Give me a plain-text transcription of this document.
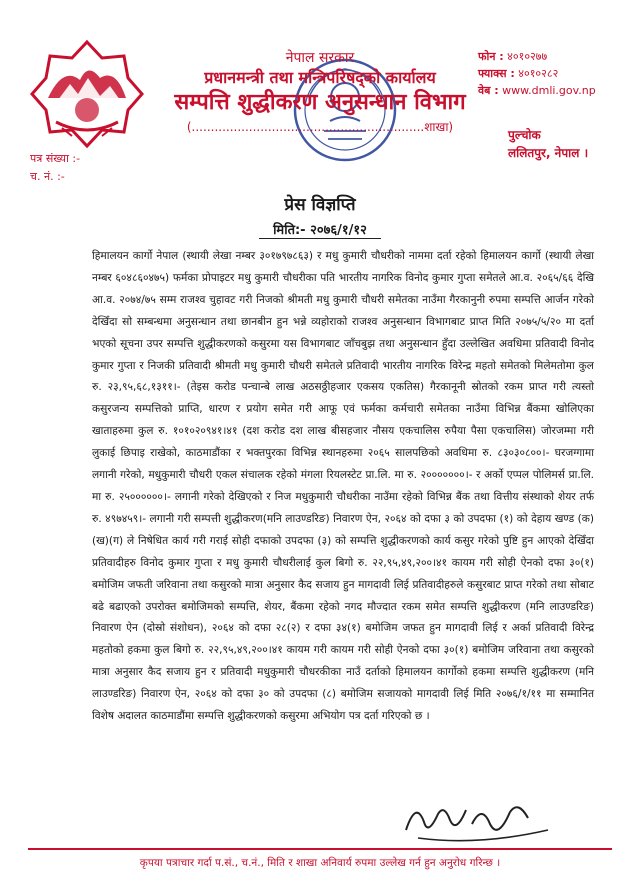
नेपाल सरकार
प्रधानमन्त्री तथा मन्त्रिपरिषद्को कार्यालय
सम्पत्ति शुद्धीकरण अनुसन्धान विभाग
(.............................................................शाखा)
फोन : ४०१०२७७
फ्याक्स : ४०१०२८२
वेब : www.dmli.gov.np
पुल्चोक
ललितपुर, नेपाल ।
पत्र संख्या :-
च. नं. :-
प्रेस विज्ञप्ति
मिति:- २०७६/१/१२
हिमालयन कार्गो नेपाल (स्थायी लेखा नम्बर ३०१७९७८६३) र मधु कुमारी चौधरीको नाममा दर्ता रहेको हिमालयन कार्गो (स्थायी लेखा नम्बर ६०४८६०४७५) फर्मका प्रोपाइटर मधु कुमारी चौधरीका पति भारतीय नागरिक विनोद कुमार गुप्ता समेतले आ.व. २०६५/६६ देखि आ.व. २०७४/७५ सम्म राजश्व चुहावट गरी निजको श्रीमती मधु कुमारी चौधरी समेतका नाउँमा गैरकानुनी रुपमा सम्पत्ति आर्जन गरेको देखिँदा सो सम्बन्धमा अनुसन्धान तथा छानबीन हुन भन्ने व्यहोराको राजश्व अनुसन्धान विभागबाट प्राप्त मिति २०७५/५/२० मा दर्ता भएको सूचना उपर सम्पत्ति शुद्धीकरणको कसुरमा यस विभागबाट जाँचबुझ तथा अनुसन्धान हुँदा उल्लेखित अवधिमा प्रतिवादी विनोद कुमार गुप्ता र निजकी प्रतिवादी श्रीमती मधु कुमारी चौधरी समेतले प्रतिवादी भारतीय नागरिक विरेन्द्र महतो समेतको मिलेमतोमा कुल रु. २३,९५,६८,१३११।- (तेइस करोड पन्चान्बे लाख अठसठ्ठीहजार एकसय एकतिस) गैरकानूनी स्रोतको रकम प्राप्त गरी त्यस्तो कसुरजन्य सम्पत्तिको प्राप्ति, धारण र प्रयोग समेत गरी आफू एवं फर्मका कर्मचारी समेतका नाउँमा विभिन्न बैंकमा खोलिएका खाताहरुमा कुल रु. १०१०२०९४१।४१ (दश करोड दश लाख बीसहजार नौसय एकचालिस रुपैया पैसा एकचालिस) जोरजम्मा गरी लुकाई छिपाइ राखेको, काठमाडौंका र भक्तपुरका विभिन्न स्थानहरुमा २०६५ सालपछिको अवधिमा रु. ८३०३०८००।- घरजग्गामा लगानी गरेको, मधुकुमारी चौधरी एकल संचालक रहेको मंगला रियलस्टेट प्रा.लि. मा रु. २०००००००।- र अर्को एप्पल पोलिमर्स प्रा.लि. मा रु. २५००००००।- लगानी गरेको देखिएको र निज मधुकुमारी चौधरीका नाउँमा रहेको विभिन्न बैंक तथा वित्तीय संस्थाको शेयर तर्फ रु. ४९७४५९।- लगानी गरी सम्पत्ती शुद्धीकरण(मनि लाउण्डरिङ) निवारण ऐन, २०६४ को दफा ३ को उपदफा (१) को देहाय खण्ड (क)(ख)(ग) ले निषेधित कार्य गरी गराई सोही दफाको उपदफा (३) को सम्पत्ति शुद्धीकरणको कार्य कसुर गरेको पुष्टि हुन आएको देखिँदा प्रतिवादीहरु विनोद कुमार गुप्ता र मधु कुमारी चौधरीलाई कुल बिगो रु. २२,९५,४९,२००।४१ कायम गरी सोही ऐनको दफा ३०(१) बमोजिम जफती जरिवाना तथा कसुरको मात्रा अनुसार कैद सजाय हुन मागदावी लिई प्रतिवादीहरुले कसुरबाट प्राप्त गरेको तथा सोबाट बढे बढाएको उपरोक्त बमोजिमको सम्पत्ति, शेयर, बैंकमा रहेको नगद मौज्दात रकम समेत सम्पत्ति शुद्धीकरण (मनि लाउण्डरिङ) निवारण ऐन (दोस्रो संशोधन), २०६४ को दफा २८(२) र दफा ३४(१) बमोजिम जफत हुन मागदावी लिई र अर्का प्रतिवादी विरेन्द्र महतोको हकमा कुल बिगो रु. २२,९५,४९,२००।४१ कायम गरी कायम गरी सोही ऐनको दफा ३०(१) बमोजिम जरिवाना तथा कसुरको मात्रा अनुसार कैद सजाय हुन र प्रतिवादी मधुकुमारी चौधरकीका नाउँ दर्ताको हिमालयन कार्गोको हकमा सम्पत्ति शुद्धीकरण (मनि लाउण्डरिङ) निवारण ऐन, २०६४ को दफा ३० को उपदफा (८) बमोजिम सजायको मागदावी लिई मिति २०७६/१/११ मा सम्मानित विशेष अदालत काठमाडौंमा सम्पत्ति शुद्धीकरणको कसुरमा अभियोग पत्र दर्ता गरिएको छ ।
कृपया पत्राचार गर्दा प.सं., च.नं., मिति र शाखा अनिवार्य रुपमा उल्लेख गर्न हुन अनुरोध गरिन्छ ।
